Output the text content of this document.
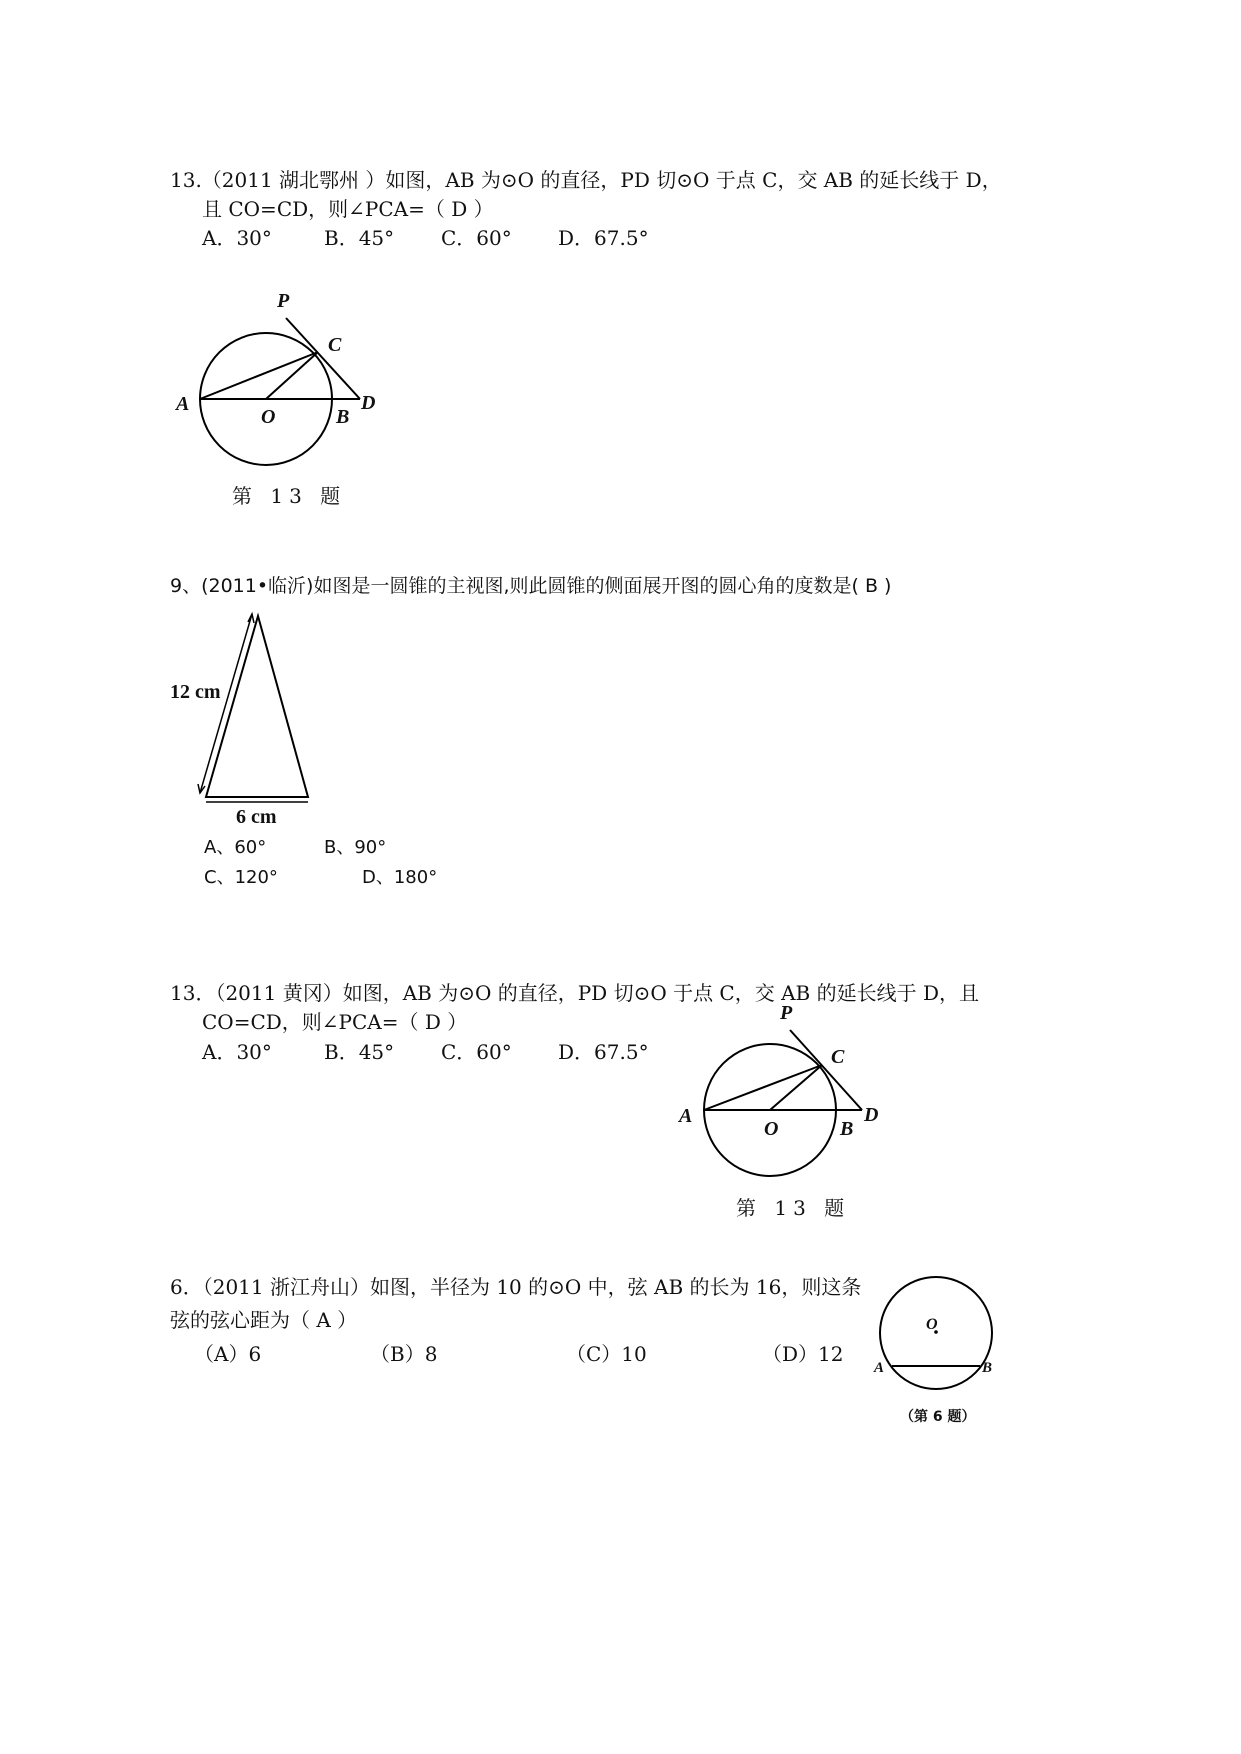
13.（2011 湖北鄂州 ）如图，AB 为⊙O 的直径，PD 切⊙O 于点 C，交 AB 的延长线于 D，
且 CO=CD，则∠PCA=（ D ）
A．30°	B．45° C．60° D．67.5°
P
C
A
O	B
D
第 13 题
9、(2011•临沂)如图是一圆锥的主视图,则此圆锥的侧面展开图的圆心角的度数是( B )
12 cm
6 cm
A、60°	B、90°
C、120°	D、180°
13．（2011 黄冈）如图，AB 为⊙O 的直径，PD 切⊙O 于点 C，交 AB 的延长线于 D，且
CO=CD，则∠PCA=（ D ）
A．30°	B．45° C．60° D．67.5°
P
C
A
O	B
D
第 13 题
6．（2011 浙江舟山）如图，半径为 10 的⊙O 中，弦 AB 的长为 16，则这条
弦的弦心距为（ A ）
（A）6	（B）8	（C）10	（D）12
O
A	B
（第 6 题）
